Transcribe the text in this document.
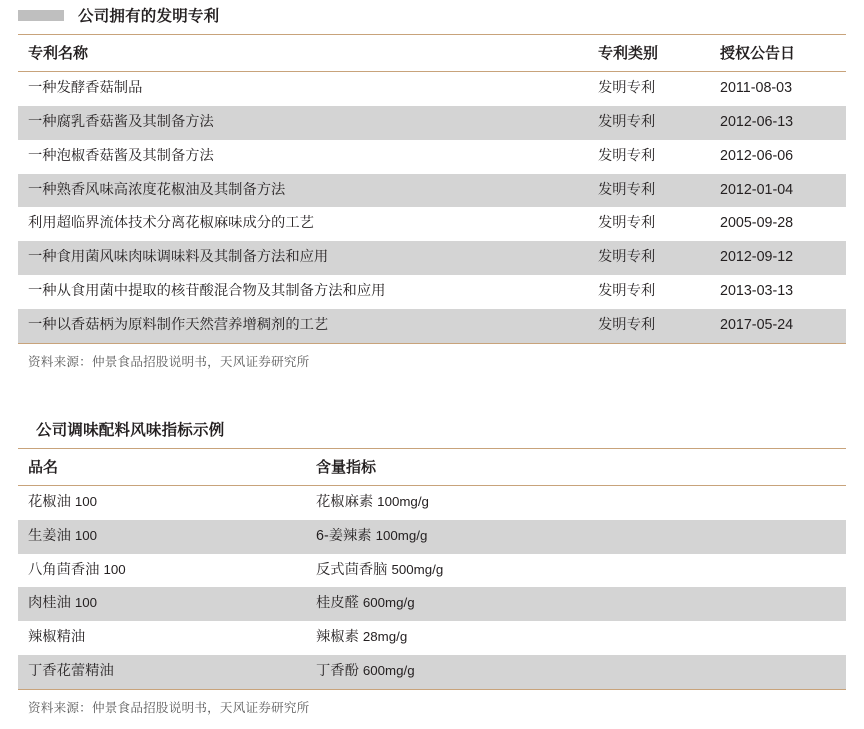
公司拥有的发明专利
专利名称	专利类别	授权公告日
一种发酵香菇制品	发明专利	2011-08-03
一种腐乳香菇酱及其制备方法	发明专利	2012-06-13
一种泡椒香菇酱及其制备方法	发明专利	2012-06-06
一种熟香风味高浓度花椒油及其制备方法	发明专利	2012-01-04
利用超临界流体技术分离花椒麻味成分的工艺	发明专利	2005-09-28
一种食用菌风味肉味调味料及其制备方法和应用	发明专利	2012-09-12
一种从食用菌中提取的核苷酸混合物及其制备方法和应用	发明专利	2013-03-13
一种以香菇柄为原料制作天然营养增稠剂的工艺	发明专利	2017-05-24
资料来源：仲景食品招股说明书，天风证券研究所
公司调味配料风味指标示例
品名	含量指标
花椒油 100	花椒麻素 100mg/g
生姜油 100	6-姜辣素 100mg/g
八角茴香油 100	反式茴香脑 500mg/g
肉桂油 100	桂皮醛 600mg/g
辣椒精油	辣椒素 28mg/g
丁香花蕾精油	丁香酚 600mg/g
资料来源：仲景食品招股说明书，天风证券研究所
